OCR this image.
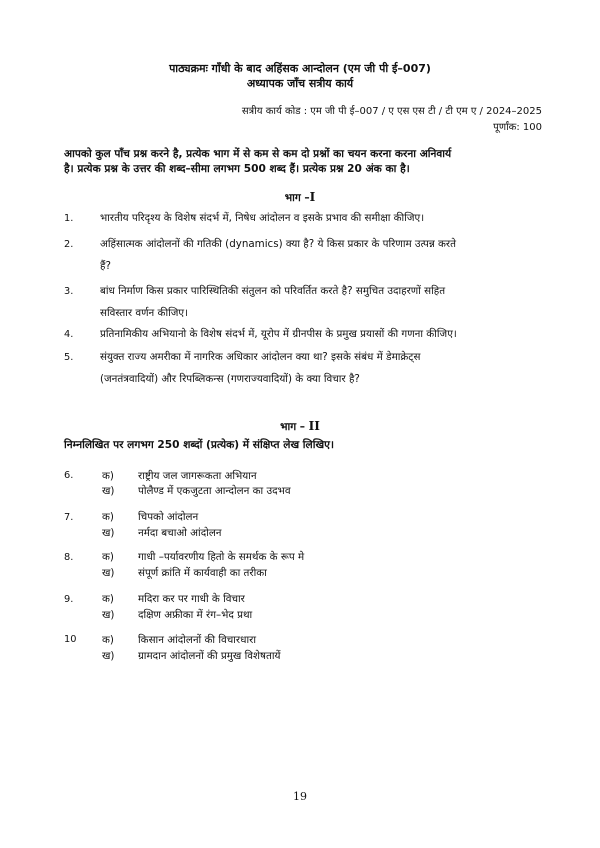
पाठ्यक्रमः गाँधी के बाद अहिंसक आन्दोलन (एम जी पी ई–007)
अध्यापक जाँच सत्रीय कार्य
सत्रीय कार्य कोड : एम जी पी ई–007 / ए एस एस टी / टी एम ए / 2024–2025
पूर्णांक: 100
आपको कुल पाँच प्रश्न करने है, प्रत्येक भाग में से कम से कम दो प्रश्नों का चयन करना करना अनिवार्य
है। प्रत्येक प्रश्न के उत्तर की शब्द–सीमा लगभग 500 शब्द हैं। प्रत्येक प्रश्न 20 अंक का है।
भाग –I
1.	भारतीय परिदृश्य के विशेष संदर्भ में, निषेध आंदोलन व इसके प्रभाव की समीक्षा कीजिए।
2.	अहिंसात्मक आंदोलनों की गतिकी (dynamics) क्या है? ये किस प्रकार के परिणाम उत्पन्न करते
हैं?
3.	बांध निर्माण किस प्रकार पारिस्थितिकी संतुलन को परिवर्तित करते है? समुचित उदाहरणों सहित
सविस्तार वर्णन कीजिए।
4.	प्रतिनामिकीय अभियानो के विशेष संदर्भ में, यूरोप में ग्रीनपीस के प्रमुख प्रयासों की गणना कीजिए।
5.	संयुक्त राज्य अमरीका में नागरिक अधिकार आंदोलन क्या था? इसके संबंध में डेमाक्रेट्स
(जनतंत्रवादियों) और रिपब्लिकन्स (गणराज्यवादियों) के क्या विचार है?
भाग – II
निम्नलिखित पर लगभग 250 शब्दों (प्रत्येक) में संक्षिप्त लेख लिखिए।
6.	क) राष्ट्रीय जल जागरूकता अभियान
ख) पोलैण्ड में एकजुटता आन्दोलन का उदभव
7.	क) चिपको आंदोलन
ख) नर्मदा बचाओ आंदोलन
8.	क) गाधी –पर्यावरणीय हितो के समर्थक के रूप मे
ख) संपूर्ण क्रांति में कार्यवाही का तरीका
9.	क) मदिरा कर पर गाधी के विचार
ख) दक्षिण अफ्रीका में रंग–भेद प्रथा
10 क) किसान आंदोलनों की विचारधारा
ख) ग्रामदान आंदोलनों की प्रमुख विशेषतायें
19
